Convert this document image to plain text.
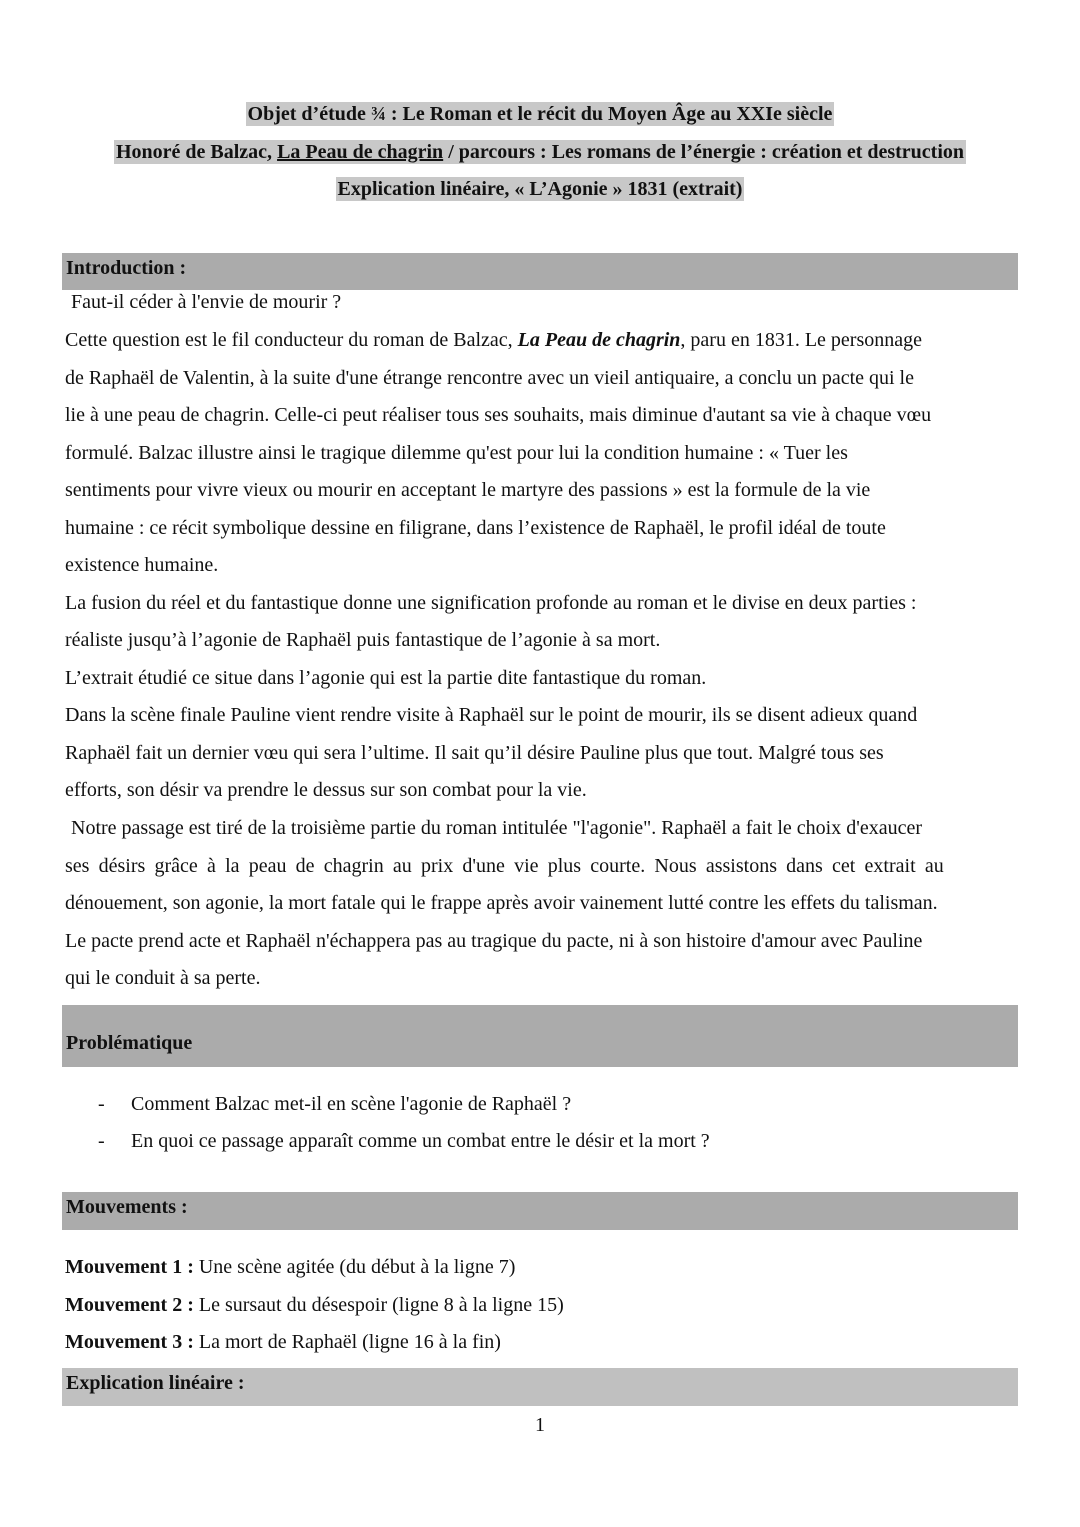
Objet d’étude ¾ : Le Roman et le récit du Moyen Âge au XXIe siècle
Honoré de Balzac, La Peau de chagrin / parcours : Les romans de l’énergie : création et destruction
Explication linéaire, « L’Agonie » 1831 (extrait)
Introduction :
Faut-il céder à l'envie de mourir ?
Cette question est le fil conducteur du roman de Balzac, La Peau de chagrin, paru en 1831. Le personnage
de Raphaël de Valentin, à la suite d'une étrange rencontre avec un vieil antiquaire, a conclu un pacte qui le
lie à une peau de chagrin. Celle-ci peut réaliser tous ses souhaits, mais diminue d'autant sa vie à chaque vœu
formulé. Balzac illustre ainsi le tragique dilemme qu'est pour lui la condition humaine : « Tuer les
sentiments pour vivre vieux ou mourir en acceptant le martyre des passions » est la formule de la vie
humaine : ce récit symbolique dessine en filigrane, dans l’existence de Raphaël, le profil idéal de toute
existence humaine.
La fusion du réel et du fantastique donne une signification profonde au roman et le divise en deux parties :
réaliste jusqu’à l’agonie de Raphaël puis fantastique de l’agonie à sa mort.
L’extrait étudié ce situe dans l’agonie qui est la partie dite fantastique du roman.
Dans la scène finale Pauline vient rendre visite à Raphaël sur le point de mourir, ils se disent adieux quand
Raphaël fait un dernier vœu qui sera l’ultime. Il sait qu’il désire Pauline plus que tout. Malgré tous ses
efforts, son désir va prendre le dessus sur son combat pour la vie.
Notre passage est tiré de la troisième partie du roman intitulée "l'agonie". Raphaël a fait le choix d'exaucer
ses désirs grâce à la peau de chagrin au prix d'une vie plus courte. Nous assistons dans cet extrait au
dénouement, son agonie, la mort fatale qui le frappe après avoir vainement lutté contre les effets du talisman.
Le pacte prend acte et Raphaël n'échappera pas au tragique du pacte, ni à son histoire d'amour avec Pauline
qui le conduit à sa perte.
Problématique
- Comment Balzac met-il en scène l'agonie de Raphaël ?
- En quoi ce passage apparaît comme un combat entre le désir et la mort ?
Mouvements :
Mouvement 1 : Une scène agitée (du début à la ligne 7)
Mouvement 2 : Le sursaut du désespoir (ligne 8 à la ligne 15)
Mouvement 3 : La mort de Raphaël (ligne 16 à la fin)
Explication linéaire :
1
